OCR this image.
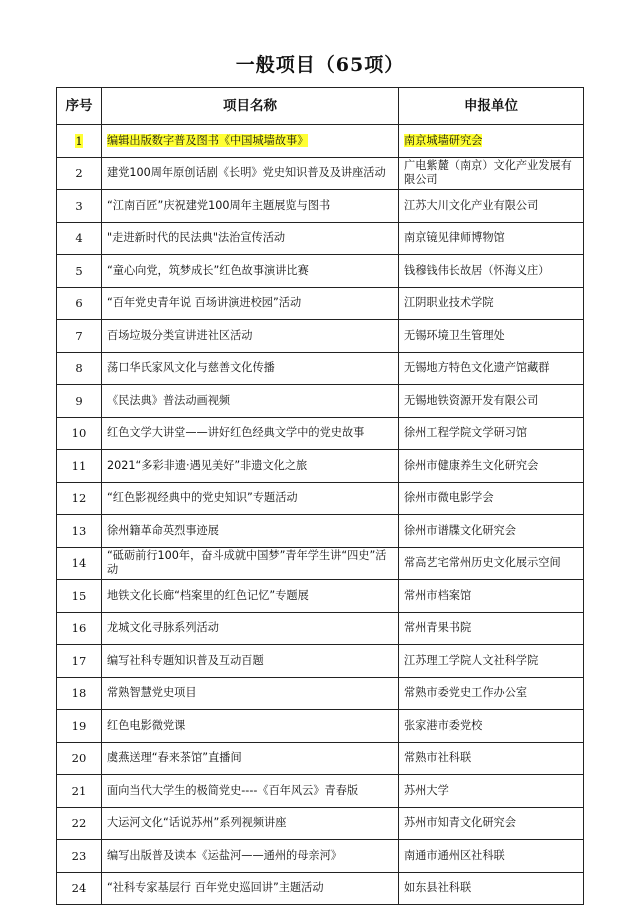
一般项目（65项）
序号	项目名称	申报单位
1	编辑出版数字普及图书《中国城墙故事》	南京城墙研究会
2	建党100周年原创话剧《长明》党史知识普及及讲座活动	广电紫麓（南京）文化产业发展有限公司
3	“江南百匠”庆祝建党100周年主题展览与图书	江苏大川文化产业有限公司
4	"走进新时代的民法典"法治宣传活动	南京镜见律师博物馆
5	“童心向党，筑梦成长”红色故事演讲比赛	钱穆钱伟长故居（怀海义庄）
6	“百年党史青年说 百场讲演进校园”活动	江阴职业技术学院
7	百场垃圾分类宣讲进社区活动	无锡环境卫生管理处
8	荡口华氏家风文化与慈善文化传播	无锡地方特色文化遗产馆藏群
9	《民法典》普法动画视频	无锡地铁资源开发有限公司
10	红色文学大讲堂——讲好红色经典文学中的党史故事	徐州工程学院文学研习馆
11	2021“多彩非遗·遇见美好”非遗文化之旅	徐州市健康养生文化研究会
12	“红色影视经典中的党史知识”专题活动	徐州市微电影学会
13	徐州籍革命英烈事迹展	徐州市谱牒文化研究会
14	“砥砺前行100年，奋斗成就中国梦”青年学生讲“四史”活动	常高艺宅常州历史文化展示空间
15	地铁文化长廊“档案里的红色记忆”专题展	常州市档案馆
16	龙城文化寻脉系列活动	常州青果书院
17	编写社科专题知识普及互动百题	江苏理工学院人文社科学院
18	常熟智慧党史项目	常熟市委党史工作办公室
19	红色电影微党课	张家港市委党校
20	虞燕送理“春来茶馆”直播间	常熟市社科联
21	面向当代大学生的极简党史----《百年风云》青春版	苏州大学
22	大运河文化“话说苏州”系列视频讲座	苏州市知青文化研究会
23	编写出版普及读本《运盐河——通州的母亲河》	南通市通州区社科联
24	“社科专家基层行 百年党史巡回讲”主题活动	如东县社科联
